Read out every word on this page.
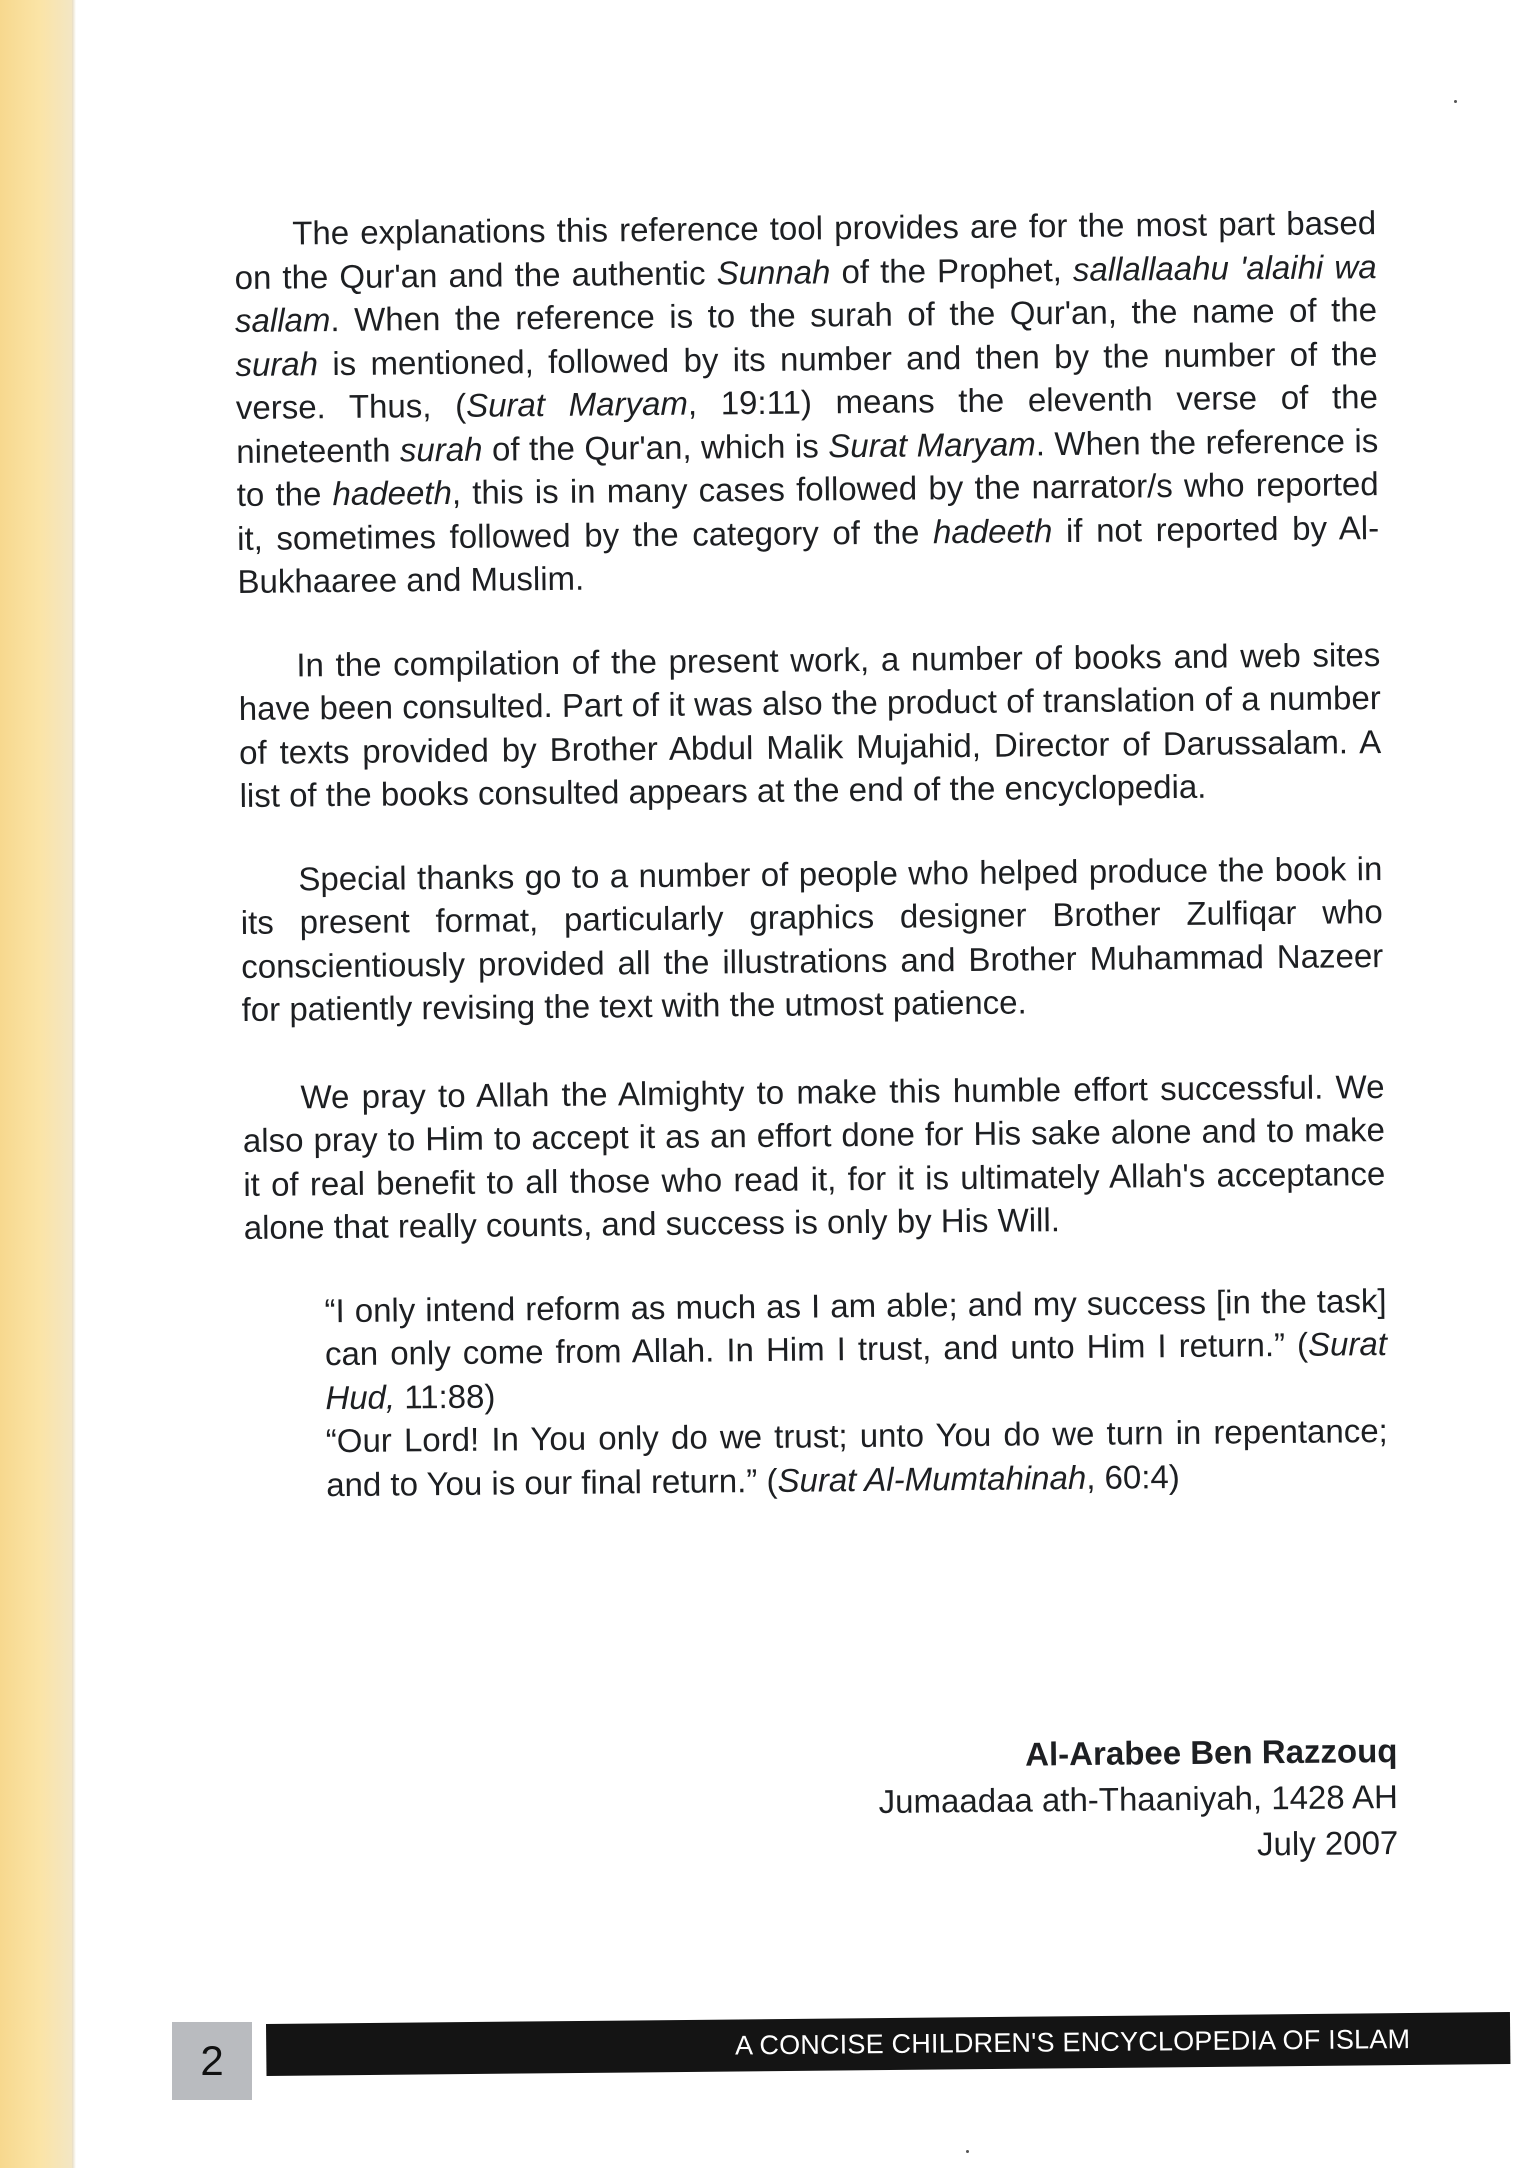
The explanations this reference tool provides are for the most part based on the Qur'an and the authentic Sunnah of the Prophet, sallallaahu 'alaihi wa sallam. When the reference is to the surah of the Qur'an, the name of the surah is mentioned, followed by its number and then by the number of the verse. Thus, (Surat Maryam, 19:11) means the eleventh verse of the nineteenth surah of the Qur'an, which is Surat Maryam. When the reference is to the hadeeth, this is in many cases followed by the narrator/s who reported it, sometimes followed by the category of the hadeeth if not reported by Al-Bukhaaree and Muslim.

In the compilation of the present work, a number of books and web sites have been consulted. Part of it was also the product of translation of a number of texts provided by Brother Abdul Malik Mujahid, Director of Darussalam. A list of the books consulted appears at the end of the encyclopedia.

Special thanks go to a number of people who helped produce the book in its present format, particularly graphics designer Brother Zulfiqar who conscientiously provided all the illustrations and Brother Muhammad Nazeer for patiently revising the text with the utmost patience.

We pray to Allah the Almighty to make this humble effort successful. We also pray to Him to accept it as an effort done for His sake alone and to make it of real benefit to all those who read it, for it is ultimately Allah's acceptance alone that really counts, and success is only by His Will.

“I only intend reform as much as I am able; and my success [in the task] can only come from Allah. In Him I trust, and unto Him I return.” (Surat Hud, 11:88)

“Our Lord! In You only do we trust; unto You do we turn in repentance; and to You is our final return.” (Surat Al-Mumtahinah, 60:4)

Al-Arabee Ben Razzouq
Jumaadaa ath-Thaaniyah, 1428 AH
July 2007
2	A CONCISE CHILDREN'S ENCYCLOPEDIA OF ISLAM
